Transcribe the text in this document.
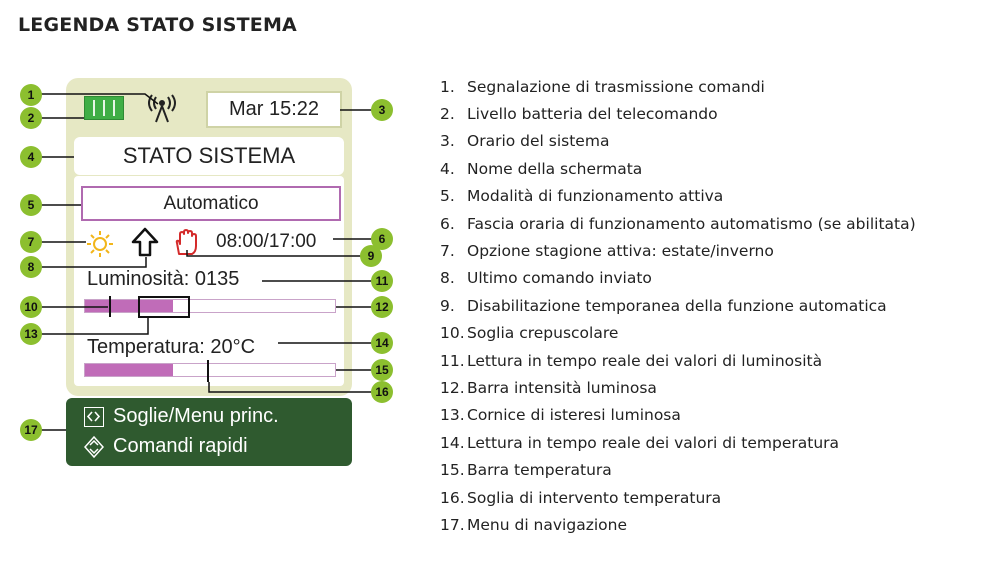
LEGENDA STATO SISTEMA
Mar 15:22
STATO SISTEMA
Automatico
08:00/17:00
Luminosità: 0135
Temperatura: 20°C
Soglie/Menu princ.
Comandi rapidi
1
2
3
4
5
6
7
8
9
10
11
12
13
14
15
16
17
1. Segnalazione di trasmissione comandi
2. Livello batteria del telecomando
3. Orario del sistema
4. Nome della schermata
5. Modalità di funzionamento attiva
6. Fascia oraria di funzionamento automatismo (se abilitata)
7. Opzione stagione attiva: estate/inverno
8. Ultimo comando inviato
9. Disabilitazione temporanea della funzione automatica
10. Soglia crepuscolare
11. Lettura in tempo reale dei valori di luminosità
12. Barra intensità luminosa
13. Cornice di isteresi luminosa
14. Lettura in tempo reale dei valori di temperatura
15. Barra temperatura
16. Soglia di intervento temperatura
17. Menu di navigazione
